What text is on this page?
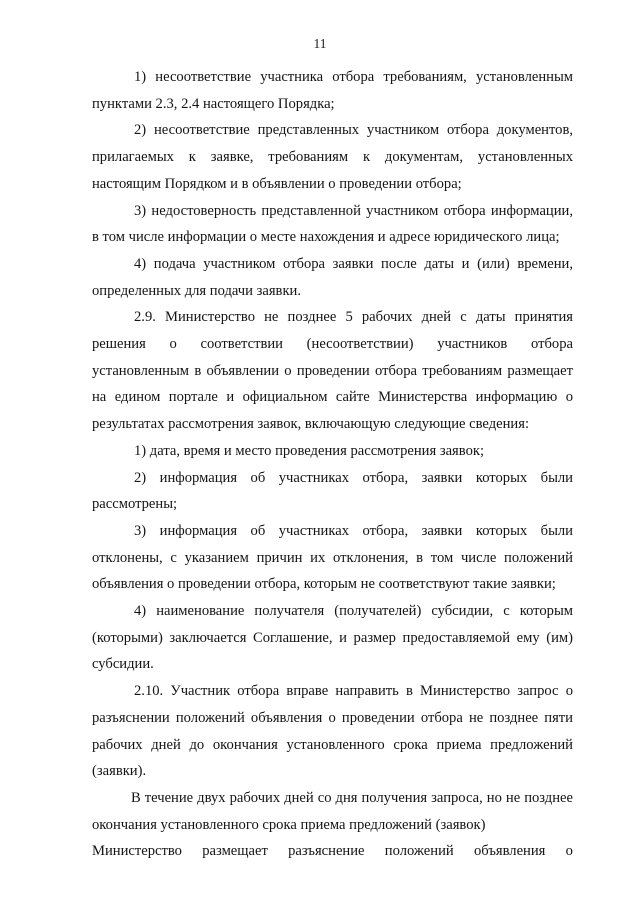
11

1) несоответствие участника отбора требованиям, установленным пунктами 2.3, 2.4 настоящего Порядка;

2) несоответствие представленных участником отбора документов, прилагаемых к заявке, требованиям к документам, установленных настоящим Порядком и в объявлении о проведении отбора;

3) недостоверность представленной участником отбора информации, в том числе информации о месте нахождения и адресе юридического лица;

4) подача участником отбора заявки после даты и (или) времени, определенных для подачи заявки.

2.9. Министерство не позднее 5 рабочих дней с даты принятия решения о соответствии (несоответствии) участников отбора установленным в объявлении о проведении отбора требованиям размещает на едином портале и официальном сайте Министерства информацию о результатах рассмотрения заявок, включающую следующие сведения:

1) дата, время и место проведения рассмотрения заявок;

2) информация об участниках отбора, заявки которых были рассмотрены;

3) информация об участниках отбора, заявки которых были отклонены, с указанием причин их отклонения, в том числе положений объявления о проведении отбора, которым не соответствуют такие заявки;

4) наименование получателя (получателей) субсидии, с которым (которыми) заключается Соглашение, и размер предоставляемой ему (им) субсидии.

2.10. Участник отбора вправе направить в Министерство запрос о разъяснении положений объявления о проведении отбора не позднее пяти рабочих дней до окончания установленного срока приема предложений (заявки).

В течение двух рабочих дней со дня получения запроса, но не позднее окончания установленного срока приема предложений (заявок)

Министерство размещает разъяснение положений объявления о
